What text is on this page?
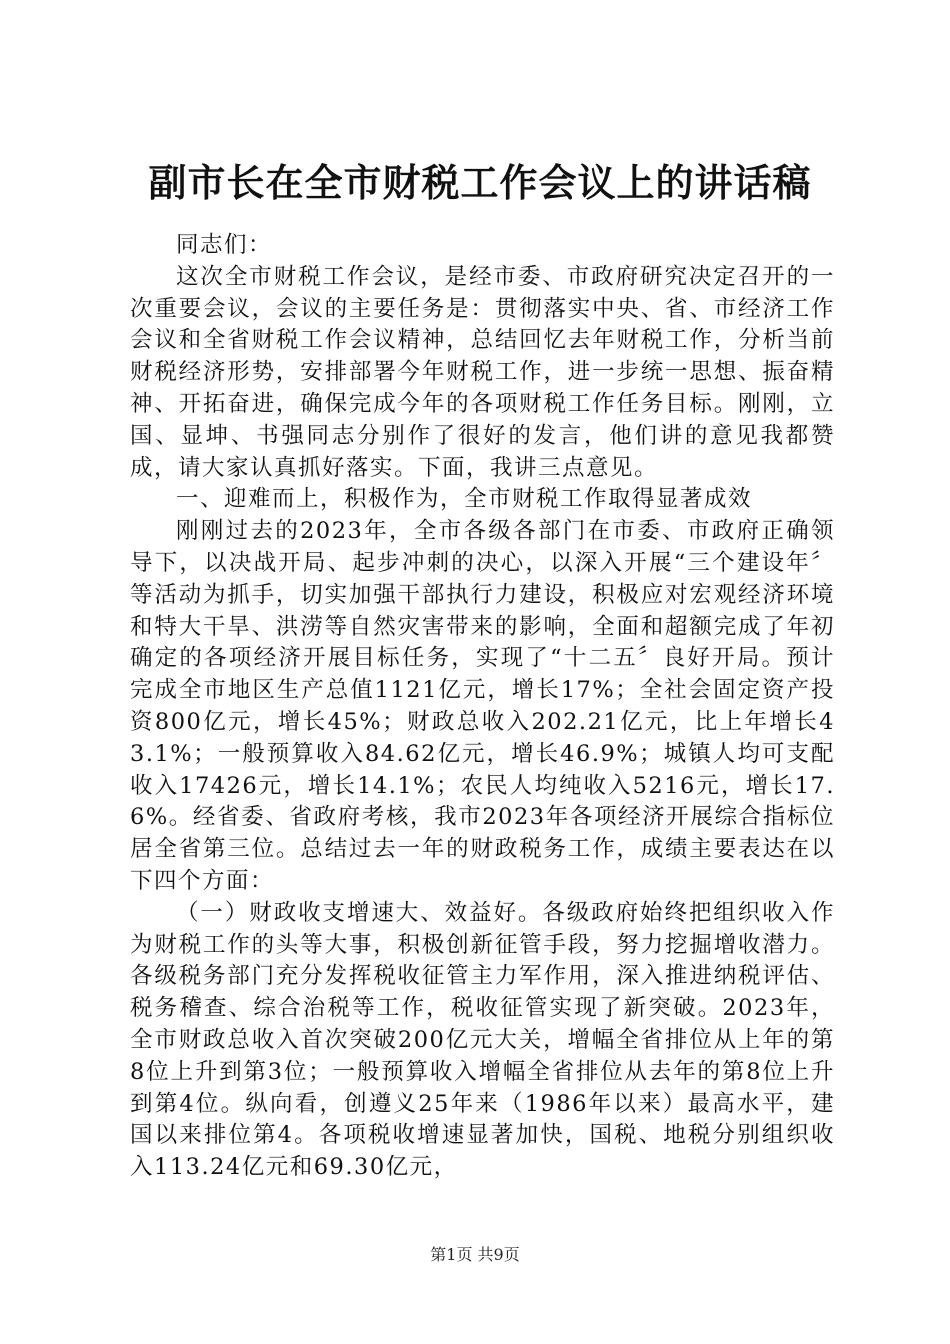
副市长在全市财税工作会议上的讲话稿

同志们：

这次全市财税工作会议，是经市委、市政府研究决定召开的一次重要会议，会议的主要任务是：贯彻落实中央、省、市经济工作会议和全省财税工作会议精神，总结回忆去年财税工作，分析当前财税经济形势，安排部署今年财税工作，进一步统一思想、振奋精神、开拓奋进，确保完成今年的各项财税工作任务目标。刚刚，立国、显坤、书强同志分别作了很好的发言，他们讲的意见我都赞成，请大家认真抓好落实。下面，我讲三点意见。

一、迎难而上，积极作为，全市财税工作取得显著成效

刚刚过去的2023年，全市各级各部门在市委、市政府正确领导下，以决战开局、起步冲刺的决心，以深入开展“三个建设年〞等活动为抓手，切实加强干部执行力建设，积极应对宏观经济环境和特大干旱、洪涝等自然灾害带来的影响，全面和超额完成了年初确定的各项经济开展目标任务，实现了“十二五〞良好开局。预计完成全市地区生产总值1121亿元，增长17%；全社会固定资产投资800亿元，增长45%；财政总收入202.21亿元，比上年增长43.1%；一般预算收入84.62亿元，增长46.9%；城镇人均可支配收入17426元，增长14.1%；农民人均纯收入5216元，增长17.6%。经省委、省政府考核，我市2023年各项经济开展综合指标位居全省第三位。总结过去一年的财政税务工作，成绩主要表达在以下四个方面：

（一）财政收支增速大、效益好。各级政府始终把组织收入作为财税工作的头等大事，积极创新征管手段，努力挖掘增收潜力。各级税务部门充分发挥税收征管主力军作用，深入推进纳税评估、税务稽查、综合治税等工作，税收征管实现了新突破。2023年，全市财政总收入首次突破200亿元大关，增幅全省排位从上年的第8位上升到第3位；一般预算收入增幅全省排位从去年的第8位上升到第4位。纵向看，创遵义25年来（1986年以来）最高水平，建国以来排位第4。各项税收增速显著加快，国税、地税分别组织收入113.24亿元和69.30亿元，

第1页 共9页
